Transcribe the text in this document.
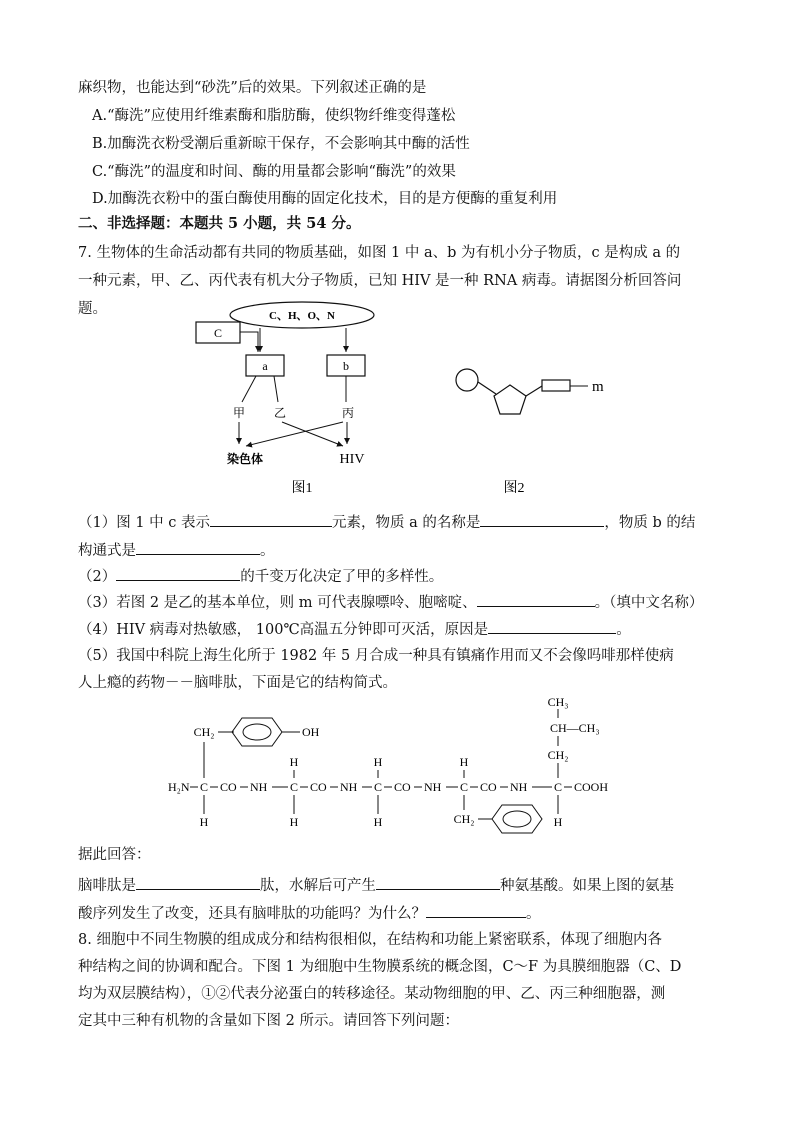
麻织物，也能达到“砂洗”后的效果。下列叙述正确的是
A.“酶洗”应使用纤维素酶和脂肪酶，使织物纤维变得蓬松
B.加酶洗衣粉受潮后重新晾干保存，不会影响其中酶的活性
C.“酶洗”的温度和时间、酶的用量都会影响“酶洗”的效果
D.加酶洗衣粉中的蛋白酶使用酶的固定化技术，目的是方便酶的重复利用
二、非选择题：本题共 5 小题，共 54 分。
7. 生物体的生命活动都有共同的物质基础，如图 1 中 a、b 为有机小分子物质，c 是构成 a 的
一种元素，甲、乙、丙代表有机大分子物质，已知 HIV 是一种 RNA 病毒。请据图分析回答问
题。	C、H、O、N
C
a	b
甲 乙	丙
染色体	HIV
图1
m
图2
（1）图 1 中 c 表示	元素，物质 a 的名称是	，物质 b 的结
构通式是	。
（2）	的千变万化决定了甲的多样性。
（3）若图 2 是乙的基本单位，则 m 可代表腺嘌呤、胞嘧啶、	。（填中文名称）
（4）HIV 病毒对热敏感， 100℃高温五分钟即可灭活，原因是	。
（5）我国中科院上海生化所于 1982 年 5 月合成一种具有镇痛作用而又不会像吗啡那样使病
人上瘾的药物－－脑啡肽，下面是它的结构简式。
CH₂	OH
H₂N C CO NH C CO NH C CO NH C CO NH C COOH
H
H
H
H
H
H
CH₂	H
CH₃
CH—CH₃
CH₂
据此回答：
脑啡肽是	肽，水解后可产生	种氨基酸。如果上图的氨基
酸序列发生了改变，还具有脑啡肽的功能吗？为什么？	。
8. 细胞中不同生物膜的组成成分和结构很相似，在结构和功能上紧密联系，体现了细胞内各
种结构之间的协调和配合。下图 1 为细胞中生物膜系统的概念图，C～F 为具膜细胞器（C、D
均为双层膜结构），①②代表分泌蛋白的转移途径。某动物细胞的甲、乙、丙三种细胞器，测
定其中三种有机物的含量如下图 2 所示。请回答下列问题：
